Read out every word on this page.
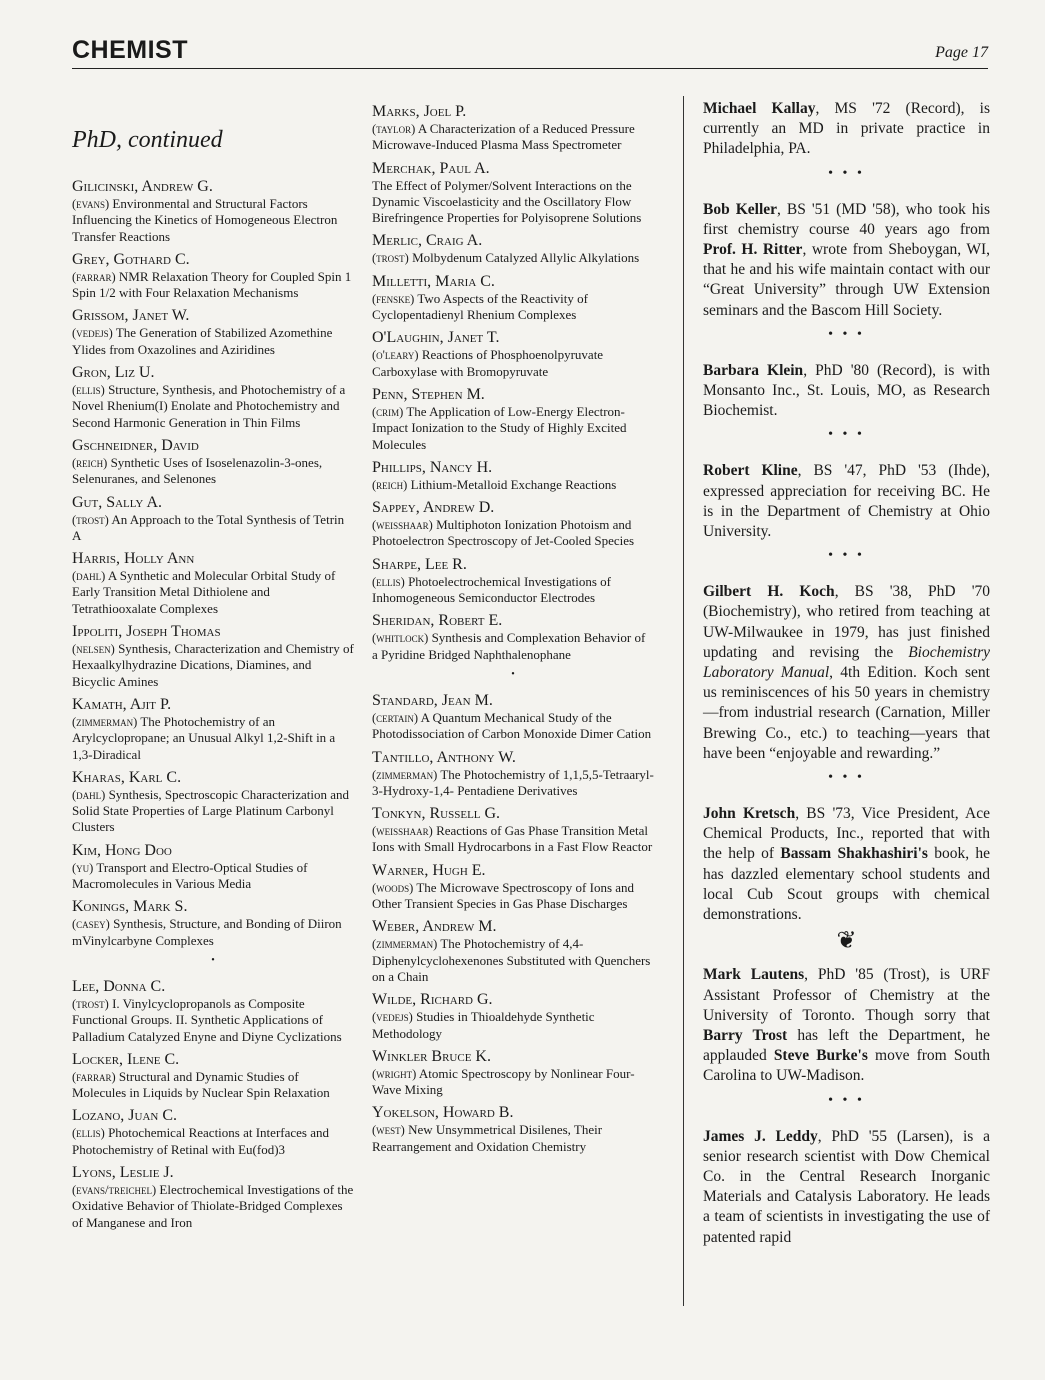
CHEMIST	Page 17
PhD, continued
Gilicinski, Andrew G.
(evans) Environmental and Structural Factors Influencing the Kinetics of Homogeneous Electron Transfer Reactions
Grey, Gothard C.
(farrar) NMR Relaxation Theory for Coupled Spin 1 Spin 1/2 with Four Relaxation Mechanisms
Grissom, Janet W.
(vedejs) The Generation of Stabilized Azomethine Ylides from Oxazolines and Aziridines
Gron, Liz U.
(ellis) Structure, Synthesis, and Photochemistry of a Novel Rhenium(I) Enolate and Photochemistry and Second Harmonic Generation in Thin Films
Gschneidner, David
(reich) Synthetic Uses of Isoselenazolin-3-ones, Selenuranes, and Selenones
Gut, Sally A.
(trost) An Approach to the Total Synthesis of Tetrin A
Harris, Holly Ann
(dahl) A Synthetic and Molecular Orbital Study of Early Transition Metal Dithiolene and Tetrathiooxalate Complexes
Ippoliti, Joseph Thomas
(nelsen) Synthesis, Characterization and Chemistry of Hexaalkylhydrazine Dications, Diamines, and Bicyclic Amines
Kamath, Ajit P.
(zimmerman) The Photochemistry of an Arylcyclopropane; an Unusual Alkyl 1,2-Shift in a 1,3-Diradical
Kharas, Karl C.
(dahl) Synthesis, Spectroscopic Characterization and Solid State Properties of Large Platinum Carbonyl Clusters
Kim, Hong Doo
(yu) Transport and Electro-Optical Studies of Macromolecules in Various Media
Konings, Mark S.
(casey) Synthesis, Structure, and Bonding of Diiron mVinylcarbyne Complexes
•
Lee, Donna C.
(trost) I. Vinylcyclopropanols as Composite Functional Groups. II. Synthetic Applications of Palladium Catalyzed Enyne and Diyne Cyclizations
Locker, Ilene C.
(farrar) Structural and Dynamic Studies of Molecules in Liquids by Nuclear Spin Relaxation
Lozano, Juan C.
(ellis) Photochemical Reactions at Interfaces and Photochemistry of Retinal with Eu(fod)3
Lyons, Leslie J.
(evans/treichel) Electrochemical Investigations of the Oxidative Behavior of Thiolate-Bridged Complexes of Manganese and Iron
Marks, Joel P.
(taylor) A Characterization of a Reduced Pressure Microwave-Induced Plasma Mass Spectrometer
Merchak, Paul A.
The Effect of Polymer/Solvent Interactions on the Dynamic Viscoelasticity and the Oscillatory Flow Birefringence Properties for Polyisoprene Solutions
Merlic, Craig A.
(trost) Molbydenum Catalyzed Allylic Alkylations
Milletti, Maria C.
(fenske) Two Aspects of the Reactivity of Cyclopentadienyl Rhenium Complexes
O'Laughin, Janet T.
(o'leary) Reactions of Phosphoenolpyruvate Carboxylase with Bromopyruvate
Penn, Stephen M.
(crim) The Application of Low-Energy Electron-Impact Ionization to the Study of Highly Excited Molecules
Phillips, Nancy H.
(reich) Lithium-Metalloid Exchange Reactions
Sappey, Andrew D.
(weisshaar) Multiphoton Ionization Photoism and Photoelectron Spectroscopy of Jet-Cooled Species
Sharpe, Lee R.
(ellis) Photoelectrochemical Investigations of Inhomogeneous Semiconductor Electrodes
Sheridan, Robert E.
(whitlock) Synthesis and Complexation Behavior of a Pyridine Bridged Naphthalenophane
•
Standard, Jean M.
(certain) A Quantum Mechanical Study of the Photodissociation of Carbon Monoxide Dimer Cation
Tantillo, Anthony W.
(zimmerman) The Photochemistry of 1,1,5,5-Tetraaryl-3-Hydroxy-1,4- Pentadiene Derivatives
Tonkyn, Russell G.
(weisshaar) Reactions of Gas Phase Transition Metal Ions with Small Hydrocarbons in a Fast Flow Reactor
Warner, Hugh E.
(woods) The Microwave Spectroscopy of Ions and Other Transient Species in Gas Phase Discharges
Weber, Andrew M.
(zimmerman) The Photochemistry of 4,4-Diphenylcyclohexenones Substituted with Quenchers on a Chain
Wilde, Richard G.
(vedejs) Studies in Thioaldehyde Synthetic Methodology
Winkler Bruce K.
(wright) Atomic Spectroscopy by Nonlinear Four-Wave Mixing
Yokelson, Howard B.
(west) New Unsymmetrical Disilenes, Their Rearrangement and Oxidation Chemistry

Michael Kallay, MS '72 (Record), is currently an MD in private practice in Philadelphia, PA.

• • •

Bob Keller, BS '51 (MD '58), who took his first chemistry course 40 years ago from Prof. H. Ritter, wrote from Sheboygan, WI, that he and his wife maintain contact with our “Great University” through UW Extension seminars and the Bascom Hill Society.

• • •

Barbara Klein, PhD '80 (Record), is with Monsanto Inc., St. Louis, MO, as Research Biochemist.

• • •

Robert Kline, BS '47, PhD '53 (Ihde), expressed appreciation for receiving BC. He is in the Department of Chemistry at Ohio University.

• • •

Gilbert H. Koch, BS '38, PhD '70 (Biochemistry), who retired from teaching at UW-Milwaukee in 1979, has just finished updating and revising the Biochemistry Laboratory Manual, 4th Edition. Koch sent us reminiscences of his 50 years in chemistry—from industrial research (Carnation, Miller Brewing Co., etc.) to teaching—years that have been “enjoyable and rewarding.”

• • •

John Kretsch, BS '73, Vice President, Ace Chemical Products, Inc., reported that with the help of Bassam Shakhashiri's book, he has dazzled elementary school students and local Cub Scout groups with chemical demonstrations.

❦

Mark Lautens, PhD '85 (Trost), is URF Assistant Professor of Chemistry at the University of Toronto. Though sorry that Barry Trost has left the Department, he applauded Steve Burke's move from South Carolina to UW-Madison.

• • •

James J. Leddy, PhD '55 (Larsen), is a senior research scientist with Dow Chemical Co. in the Central Research Inorganic Materials and Catalysis Laboratory. He leads a team of scientists in investigating the use of patented rapid
